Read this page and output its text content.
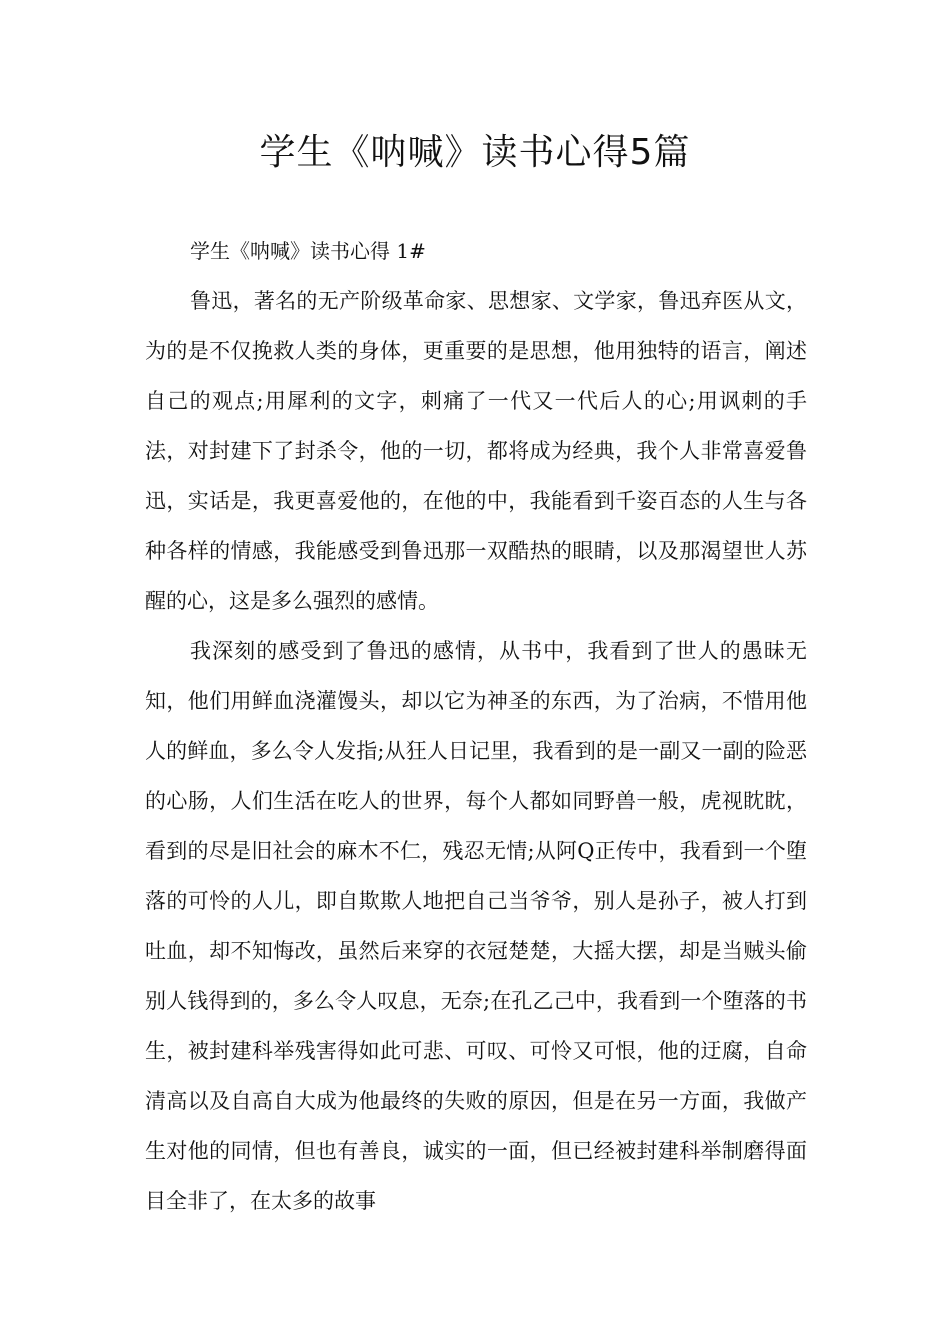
学生《呐喊》读书心得5篇

学生《呐喊》读书心得 1#

鲁迅，著名的无产阶级革命家、思想家、文学家，鲁迅弃医从文，为的是不仅挽救人类的身体，更重要的是思想，他用独特的语言，阐述自己的观点;用犀利的文字，刺痛了一代又一代后人的心;用讽刺的手法，对封建下了封杀令，他的一切，都将成为经典，我个人非常喜爱鲁迅，实话是，我更喜爱他的，在他的中，我能看到千姿百态的人生与各种各样的情感，我能感受到鲁迅那一双酷热的眼睛，以及那渴望世人苏醒的心，这是多么强烈的感情。

我深刻的感受到了鲁迅的感情，从书中，我看到了世人的愚昧无知，他们用鲜血浇灌馒头，却以它为神圣的东西，为了治病，不惜用他人的鲜血，多么令人发指;从狂人日记里，我看到的是一副又一副的险恶的心肠，人们生活在吃人的世界，每个人都如同野兽一般，虎视眈眈，看到的尽是旧社会的麻木不仁，残忍无情;从阿Q正传中，我看到一个堕落的可怜的人儿，即自欺欺人地把自己当爷爷，别人是孙子，被人打到吐血，却不知悔改，虽然后来穿的衣冠楚楚，大摇大摆，却是当贼头偷别人钱得到的，多么令人叹息，无奈;在孔乙己中，我看到一个堕落的书生，被封建科举残害得如此可悲、可叹、可怜又可恨，他的迂腐，自命清高以及自高自大成为他最终的失败的原因，但是在另一方面，我做产生对他的同情，但也有善良，诚实的一面，但已经被封建科举制磨得面目全非了，在太多的故事
